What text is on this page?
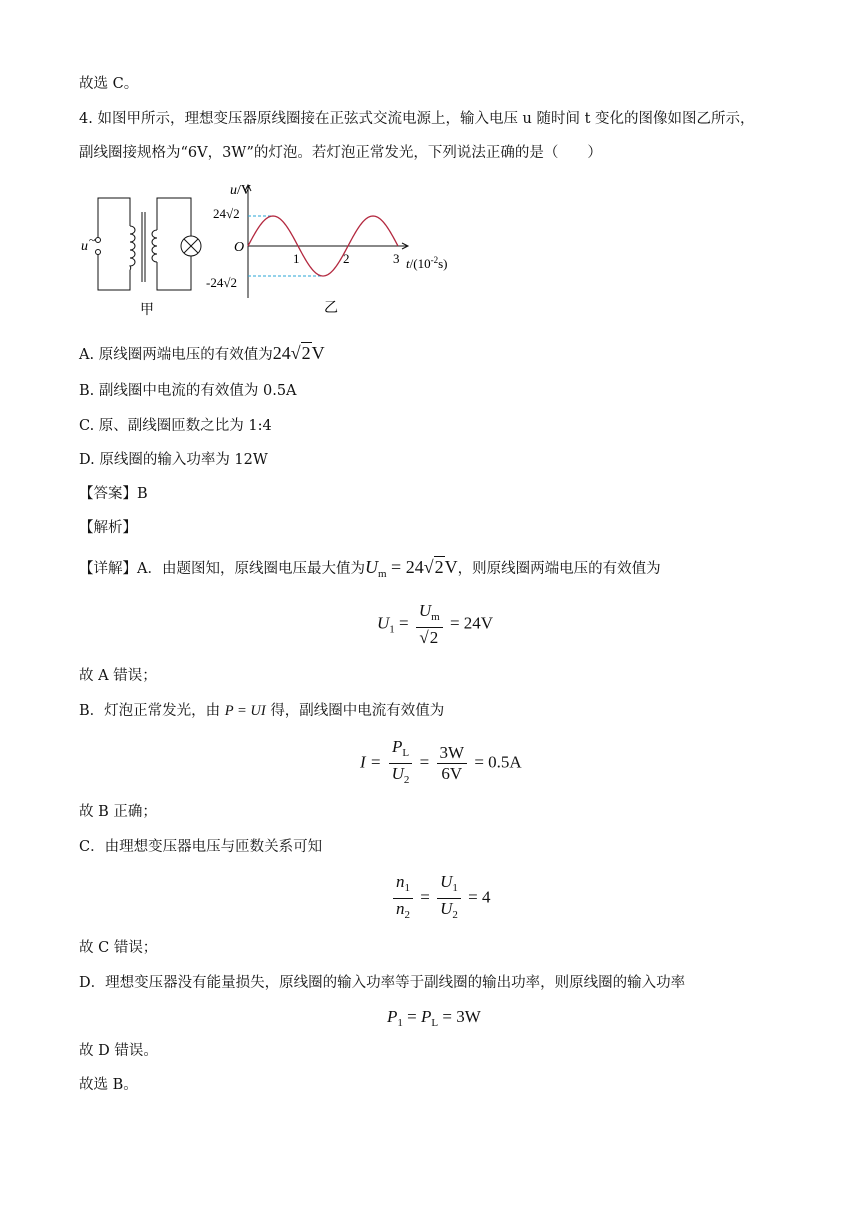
故选 C。
4. 如图甲所示，理想变压器原线圈接在正弦式交流电源上，输入电压 u 随时间 t 变化的图像如图乙所示，
副线圈接规格为“6V，3W”的灯泡。若灯泡正常发光，下列说法正确的是（　　）
u ~
甲
u/V
O
24√2
-24√2
1	2	3 $t/(10^{-2}s)$
乙
A. 原线圈两端电压的有效值为24√2V
B. 副线圈中电流的有效值为 0.5A
C. 原、副线圈匝数之比为 1:4
D. 原线圈的输入功率为 12W
【答案】B
【解析】
【详解】A．由题图知，原线圈电压最大值为$U_m = 24√2V$，则原线圈两端电压的有效值为
$U_1 = \frac{U_m}{√2} = 24V$
故 A 错误；
B．灯泡正常发光，由 P = UI 得，副线圈中电流有效值为
$I = \frac{P_L}{U_2} = \frac{3W}{6V} = 0.5A$
故 B 正确；
C．由理想变压器电压与匝数关系可知
$\frac{n_1}{n_2} = \frac{U_1}{U_2} = 4$
故 C 错误；
D．理想变压器没有能量损失，原线圈的输入功率等于副线圈的输出功率，则原线圈的输入功率
$P_1 = P_L = 3W$
故 D 错误。
故选 B。
